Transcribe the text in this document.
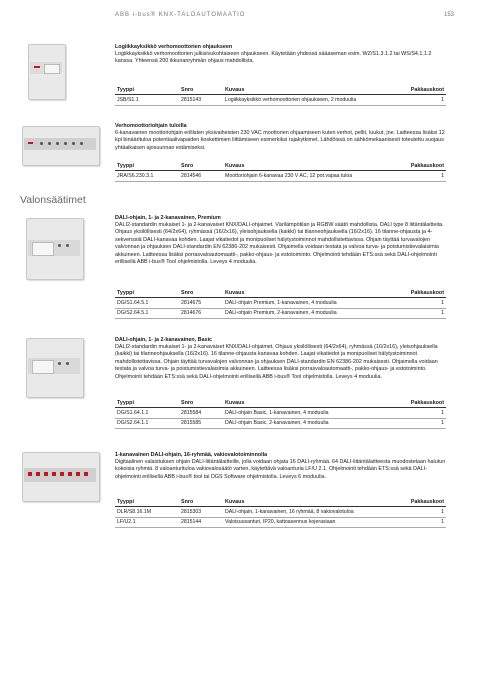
ABB i-bus® KNX-TALOAUTOMAATIO	153
Logiikkayksikkö verhomoottorien ohjaukseen

Logiikkayksikkö verhomoottorien julkisivukohtaiseen ohjaukseen. Käytetään yhdessä sääaseman esim. WZ/S1.3.1.2 tai WS/S4.1.1.2 kanssa. Yhteensä 200 ikkunanryhmän ohjaus mahdollista.

Tyyppi	Snro	Kuvaus	Pakkauskoot
JSB/S1.1	2815143	Logiikkayksikkö verhomoottorien ohjaukseen, 2 moduulia	1
Verhomoottoriohjain tuloilla

6-kanavainen moottoriohjain erillisten yksivaiheisten 230 VAC moottorien ohjaamiseen kuten verhot, pellit, luukut, jne. Laitteessa lisäksi 12 kpl binäärituloa potentiaalivapaiden koskettimien liittämiseen esimerkiksi rajakytkimet. Lähdöissä on sähkömekaanisesti toteutettu suojaus yhtäaikaisen ajosuunnan estämiseksi.

Tyyppi	Snro	Kuvaus	Pakkauskoot
JRA/S6.230.3.1	2814546	Moottoriohjain 6-kanavaa 230 V AC, 12 pot.vapaa tuloa	1
Valonsäätimet
DALI-ohjain, 1- ja 2-kanavainen, Premium

DALI2-standardin mukaiset 1- ja 2-kanavaiset KNX/DALI-ohjaimet. Värilämpötilan ja RGBW säätö mahdollista. DALI type 8 liitäntälaitteita. Ohjaus yksilöllisesti (64/2x64), ryhmässä (16/2x16), yleisohjauksella (kaikki) tai tilanneohjauksella (16/2x16). 16 tilanne-ohjausta ja 4-sekvenssiä DALI-kanavaa kohden. Laajat vikatiedot ja monipuoliset hälytystoiminnot mahdollistettavissa. Ohjain täyttää turvavalojen valvonnan ja ohjauksen DALI-standardin EN 62386-202 mukaisesti. Ohjaimella voidaan testata ja valvoa turva- ja poistumistievalaisimia akkuineen. Laitteessa lisäksi porrasvaloautomaatti-, pakko-ohjaus- ja estotoiminto. Ohjelmointi tehdään ETS:ssä sekä DALI-ohjelmointi erillisellä ABB i-bus® Tool ohjelmistolla. Leveys 4 moduulia.

Tyyppi	Snro	Kuvaus	Pakkauskoot
DG/S1.64.5.1	2814675	DALI-ohjain Premium, 1-kanavainen, 4 moduulia	1
DG/S2.64.5.1	2814676	DALI-ohjain Premium, 2-kanavainen, 4 moduulia	1
DALI-ohjain, 1- ja 2-kanavainen, Basic

DALI2-standardin mukaiset 1- ja 2-kanavaiset KNX/DALI-ohjaimet. Ohjaus yksilöllisesti (64/2x64), ryhmässä (16/2x16), yleisohjauksella (kaikki) tai tilanneohjauksella (16/2x16). 16 tilanne-ohjausta kanavaa kohden. Laajat vikatiedot ja monipuoliset hälytystoiminnot mahdollistettavissa. Ohjain täyttää turvavalojen valvonnan ja ohjauksen DALI-standardin EN 62386-202 mukaisesti. Ohjaimella voidaan testata ja valvoa turva- ja poistumistievalaisimia akkuineen. Laitteessa lisäksi porrasvaloautomaatti-, pakko-ohjaus- ja estotoiminto. Ohjelmointi tehdään ETS:ssä sekä DALI-ohjelmointi erillisellä ABB i-bus® Tool ohjelmistolla. Leveys 4 moduulia.

Tyyppi	Snro	Kuvaus	Pakkauskoot
DG/S1.64.1.1	2815584	DALI-ohjain Basic, 1-kanavainen, 4 moduulia	1
DG/S2.64.1.1	2815585	DALI-ohjain Basic, 2-kanavainen, 4 moduulia	1
1-kanavainen DALI-ohjain, 16-ryhmää, vakiovalotoiminnolla

Digitaalinen valaistuksen ohjain DALI-liitäntälaitteille, jolla voidaan ohjata 16 DALI-ryhmää. 64 DALI-liitäntälaitteesta muodostetaan halutun kokoisia ryhmiä. 8 valoanturituloa vakiovalosäätö varten, käytettävä valoanturia LF/U 2.1. Ohjelmointi tehdään ETS:ssä sekä DALI-ohjelmointi erillisellä ABB i-bus® tool tai DGS Software ohjelmistolla. Leveys 6 moduulia.

Tyyppi	Snro	Kuvaus	Pakkauskoot
DLR/S8.16.1M	2815303	DALI-ohjain, 1-kanavainen, 16 ryhmää, 8 vakiovalotuloa	1
LF/U2.1	2815144	Valoisuusanturi, IP20, kattoasennus kojerasiaan	1
